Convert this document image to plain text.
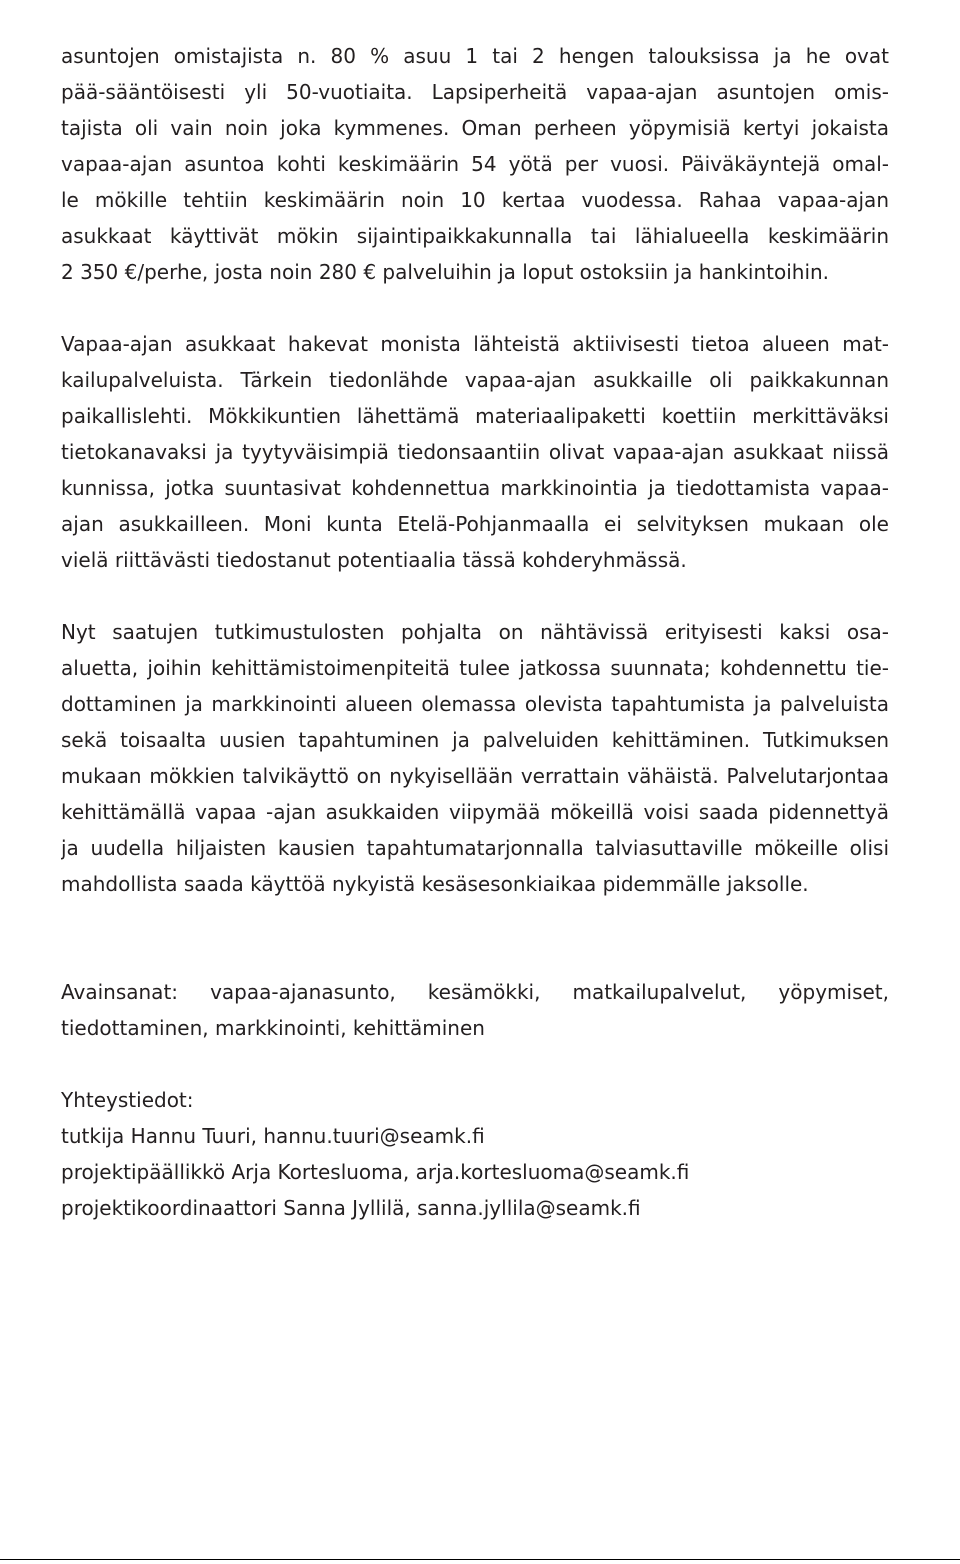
asuntojen omistajista n. 80 % asuu 1 tai 2 hengen talouksissa ja he ovat
pää-sääntöisesti yli 50-vuotiaita. Lapsiperheitä vapaa-ajan asuntojen omis-
tajista oli vain noin joka kymmenes. Oman perheen yöpymisiä kertyi jokaista
vapaa-ajan asuntoa kohti keskimäärin 54 yötä per vuosi. Päiväkäyntejä omal-
le mökille tehtiin keskimäärin noin 10 kertaa vuodessa. Rahaa vapaa-ajan
asukkaat käyttivät mökin sijaintipaikkakunnalla tai lähialueella keskimäärin
2 350 €/perhe, josta noin 280 € palveluihin ja loput ostoksiin ja hankintoihin.
Vapaa-ajan asukkaat hakevat monista lähteistä aktiivisesti tietoa alueen mat-
kailupalveluista. Tärkein tiedonlähde vapaa-ajan asukkaille oli paikkakunnan
paikallislehti. Mökkikuntien lähettämä materiaalipaketti koettiin merkittäväksi
tietokanavaksi ja tyytyväisimpiä tiedonsaantiin olivat vapaa-ajan asukkaat niissä
kunnissa, jotka suuntasivat kohdennettua markkinointia ja tiedottamista vapaa-
ajan asukkailleen. Moni kunta Etelä-Pohjanmaalla ei selvityksen mukaan ole
vielä riittävästi tiedostanut potentiaalia tässä kohderyhmässä.
Nyt saatujen tutkimustulosten pohjalta on nähtävissä erityisesti kaksi osa-
aluetta, joihin kehittämistoimenpiteitä tulee jatkossa suunnata; kohdennettu tie-
dottaminen ja markkinointi alueen olemassa olevista tapahtumista ja palveluista
sekä toisaalta uusien tapahtuminen ja palveluiden kehittäminen. Tutkimuksen
mukaan mökkien talvikäyttö on nykyisellään verrattain vähäistä. Palvelutarjontaa
kehittämällä vapaa -ajan asukkaiden viipymää mökeillä voisi saada pidennettyä
ja uudella hiljaisten kausien tapahtumatarjonnalla talviasuttaville mökeille olisi
mahdollista saada käyttöä nykyistä kesäsesonkiaikaa pidemmälle jaksolle.
Avainsanat: vapaa-ajanasunto, kesämökki, matkailupalvelut, yöpymiset,
tiedottaminen, markkinointi, kehittäminen
Yhteystiedot:
tutkija Hannu Tuuri, hannu.tuuri@seamk.fi
projektipäällikkö Arja Kortesluoma, arja.kortesluoma@seamk.fi
projektikoordinaattori Sanna Jyllilä, sanna.jyllila@seamk.fi
